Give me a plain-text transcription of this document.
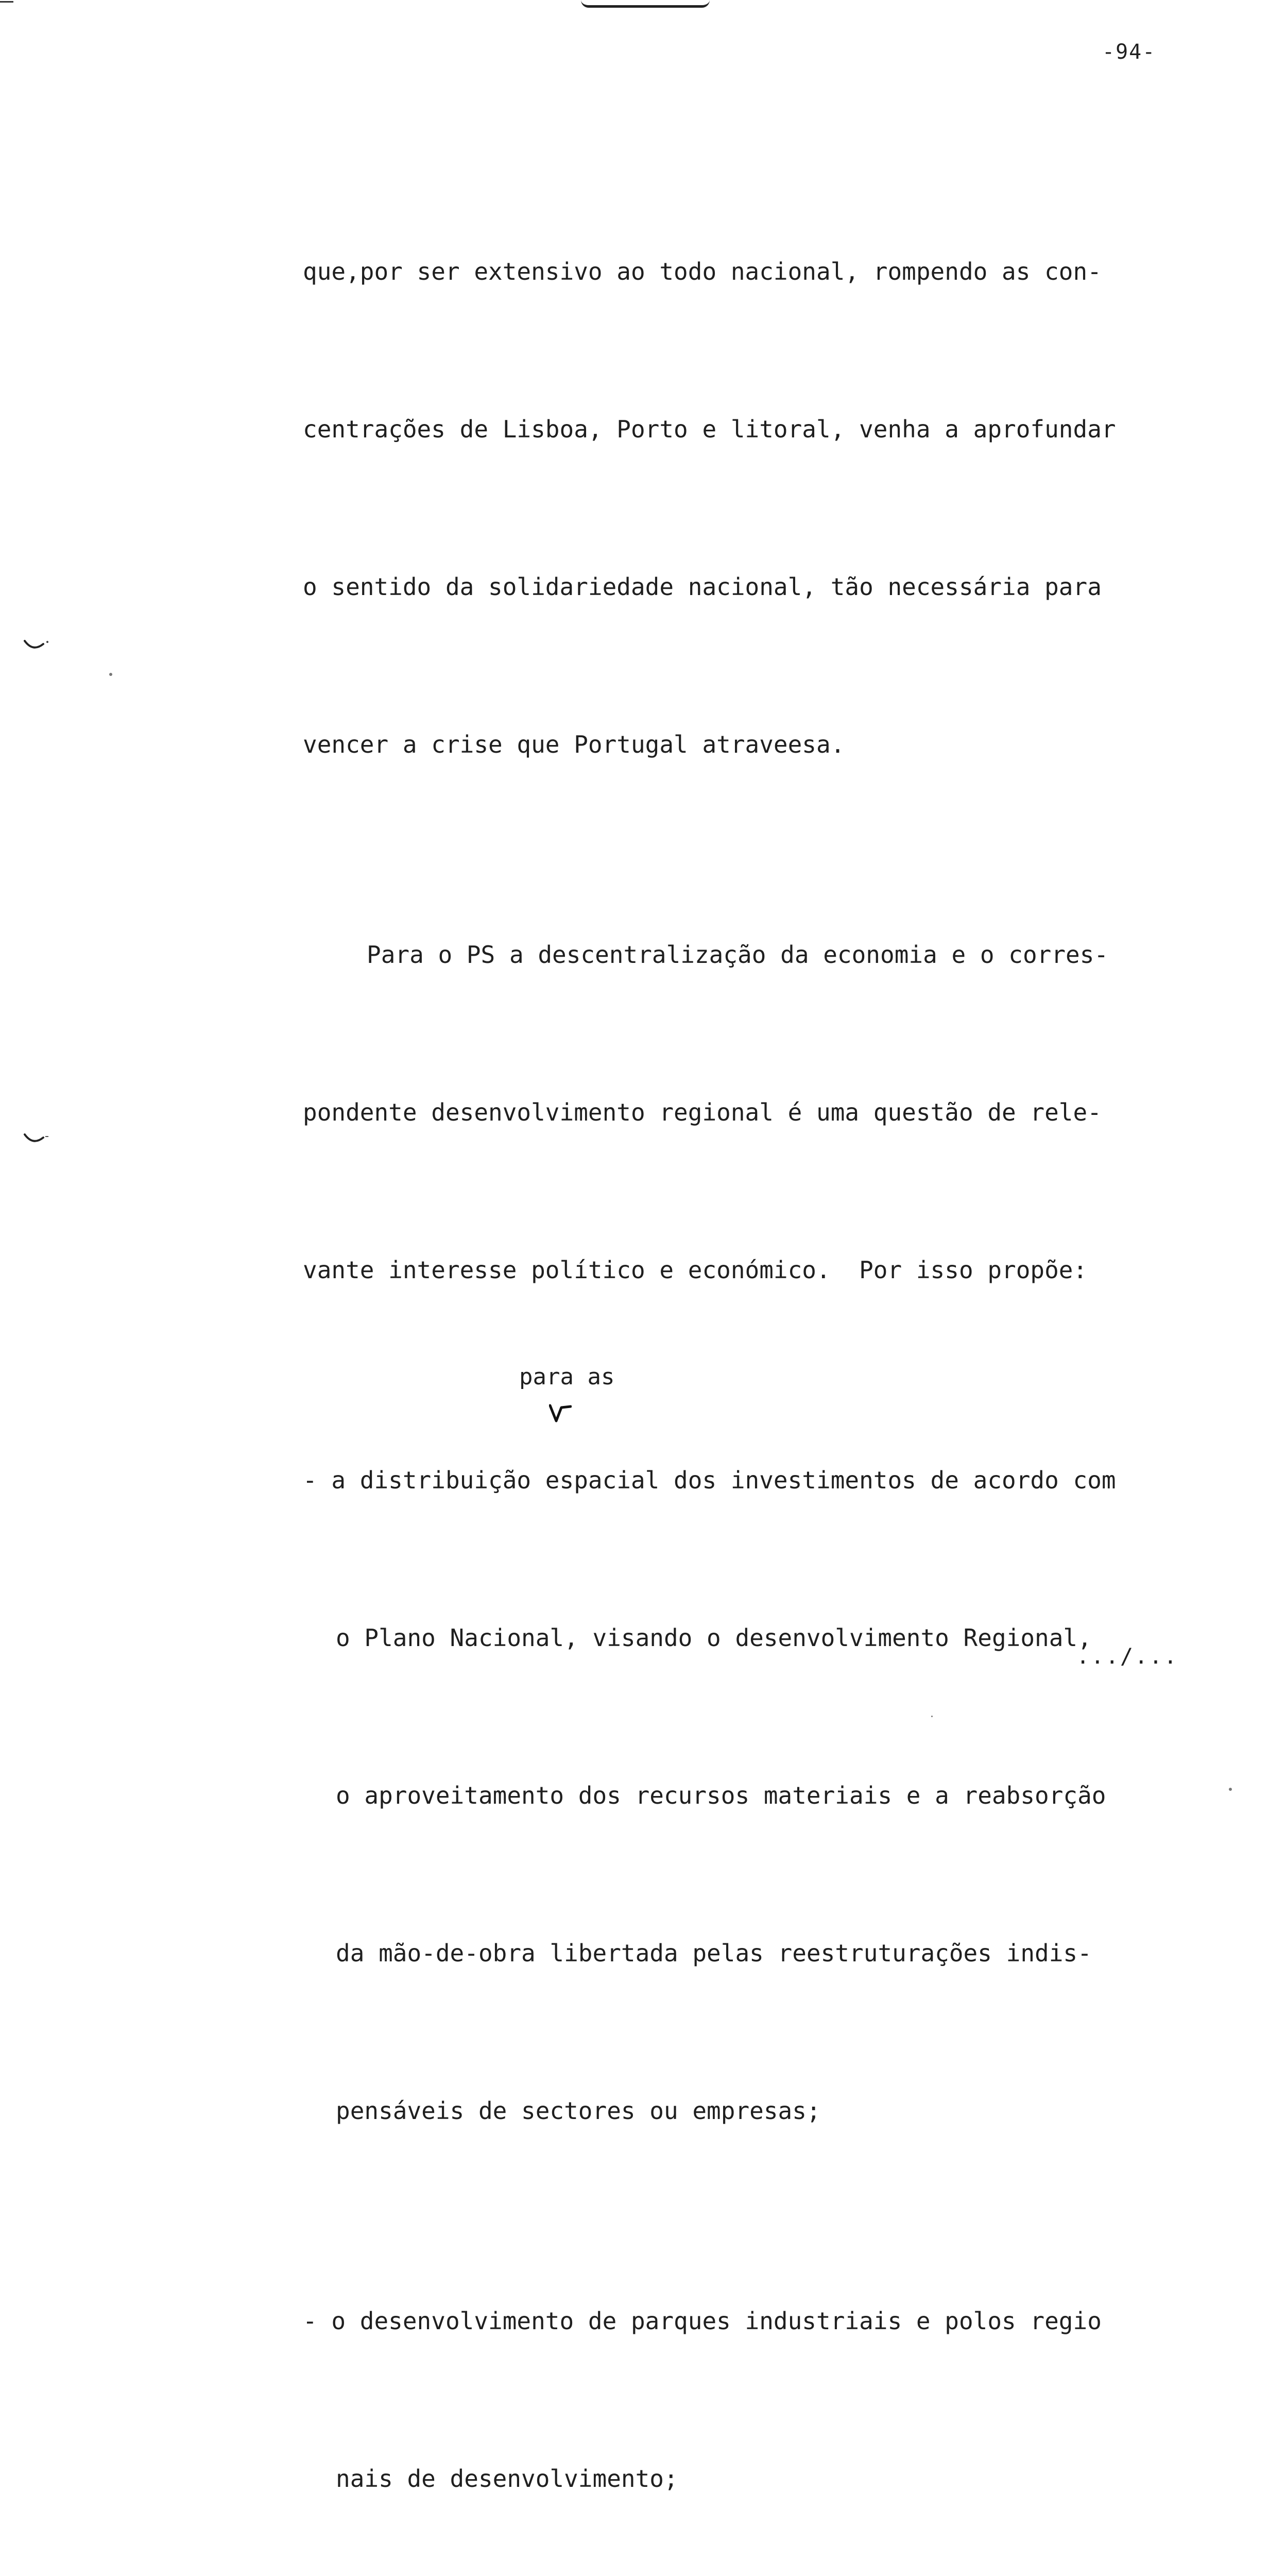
-94-

que,por ser extensivo ao todo nacional, rompendo as con-

centrações de Lisboa, Porto e litoral, venha a aprofundar

o sentido da solidariedade nacional, tão necessária para

vencer a crise que Portugal atraveesa.

Para o PS a descentralização da economia e o corres-

pondente desenvolvimento regional é uma questão de rele-

vante interesse político e económico.  Por isso propõe:

- a distribuição espacial dos investimentos de acordo com

o Plano Nacional, visando o desenvolvimento Regional,

o aproveitamento dos recursos materiais e a reabsorção

da mão-de-obra libertada pelas reestruturações indis-

pensáveis de sectores ou empresas;

- o desenvolvimento de parques industriais e polos regio

nais de desenvolvimento;

para as
.../...
